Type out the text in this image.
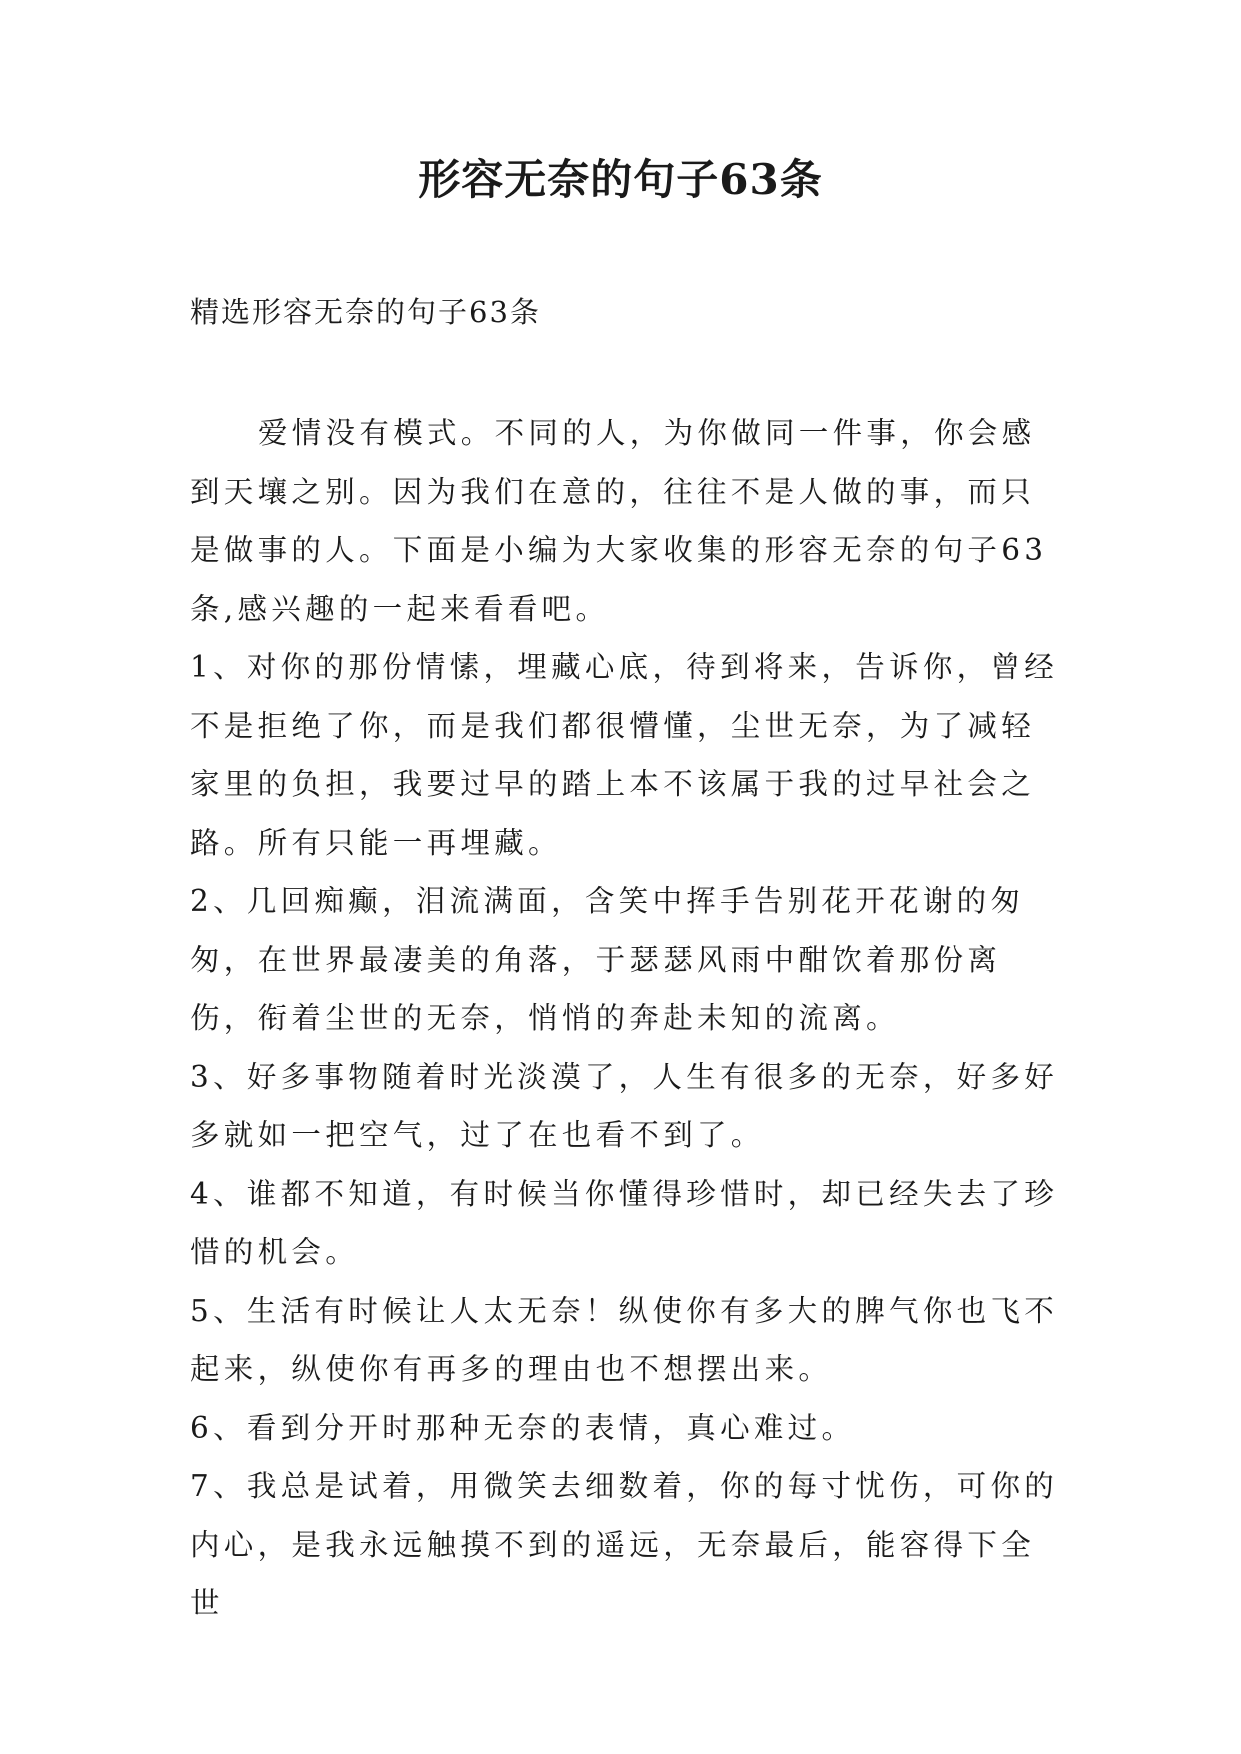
形容无奈的句子63条

精选形容无奈的句子63条

爱情没有模式。不同的人，为你做同一件事，你会感到天壤之别。因为我们在意的，往往不是人做的事，而只是做事的人。下面是小编为大家收集的形容无奈的句子63条,感兴趣的一起来看看吧。

1、对你的那份情愫，埋藏心底，待到将来，告诉你，曾经不是拒绝了你，而是我们都很懵懂，尘世无奈，为了减轻家里的负担，我要过早的踏上本不该属于我的过早社会之路。所有只能一再埋藏。

2、几回痴癫，泪流满面，含笑中挥手告别花开花谢的匆匆，在世界最凄美的角落，于瑟瑟风雨中酣饮着那份离伤，衔着尘世的无奈，悄悄的奔赴未知的流离。

3、好多事物随着时光淡漠了，人生有很多的无奈，好多好多就如一把空气，过了在也看不到了。

4、谁都不知道，有时候当你懂得珍惜时，却已经失去了珍惜的机会。

5、生活有时候让人太无奈！纵使你有多大的脾气你也飞不起来，纵使你有再多的理由也不想摆出来。

6、看到分开时那种无奈的表情，真心难过。

7、我总是试着，用微笑去细数着，你的每寸忧伤，可你的内心，是我永远触摸不到的遥远，无奈最后，能容得下全世
